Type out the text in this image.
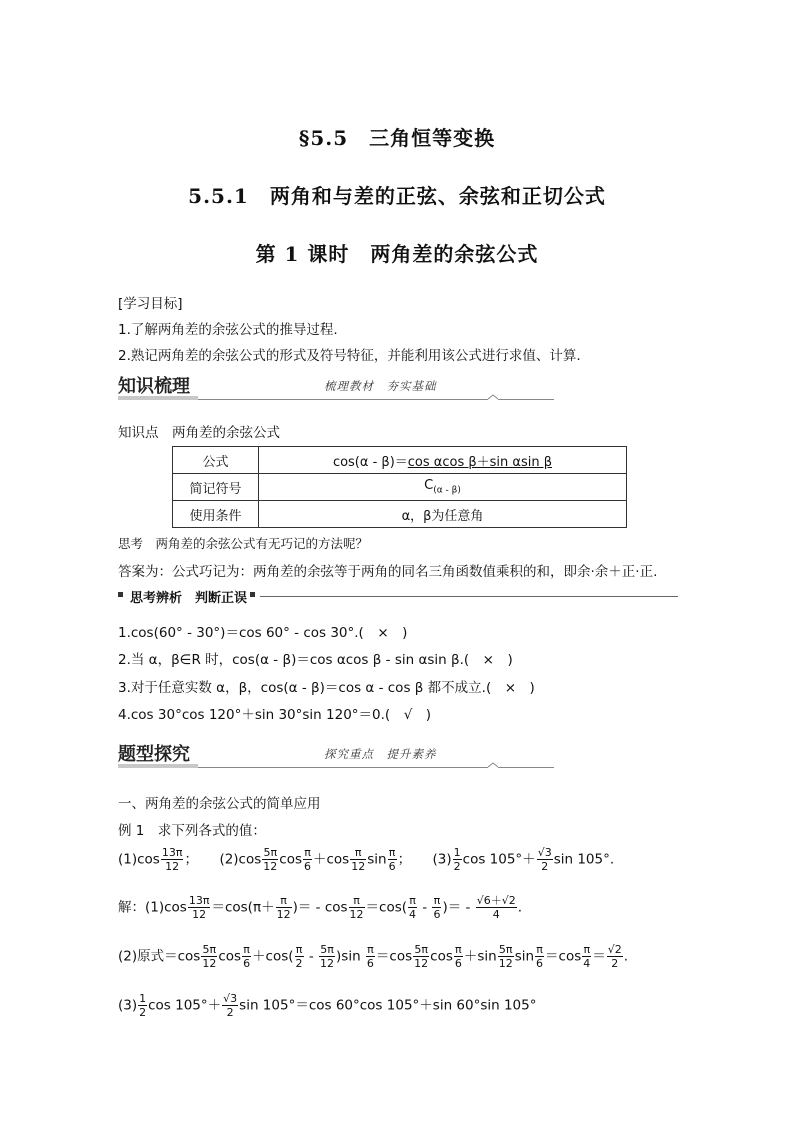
§5.5　三角恒等变换
5.5.1　两角和与差的正弦、余弦和正切公式
第 1 课时　两角差的余弦公式
[学习目标]
1.了解两角差的余弦公式的推导过程.
2.熟记两角差的余弦公式的形式及符号特征，并能利用该公式进行求值、计算.
知识梳理	梳理教材　夯实基础
知识点　两角差的余弦公式
公式	cos(α - β)＝cos αcos β＋sin αsin β
简记符号	$C_{(\alpha - \beta)}$
使用条件	α，β为任意角
思考　两角差的余弦公式有无巧记的方法呢？
答案为：公式巧记为：两角差的余弦等于两角的同名三角函数值乘积的和，即余·余＋正·正.
思考辨析　判断正误
1.cos(60° - 30°)＝cos 60° - cos 30°.(　×　)
2.当 α，β∈R 时，cos(α - β)＝cos αcos β - sin αsin β.(　×　)
3.对于任意实数 α，β，cos(α - β)＝cos α - cos β 都不成立.(　×　)
4.cos 30°cos 120°＋sin 30°sin 120°＝0.(　√　)
题型探究	探究重点　提升素养
一、两角差的余弦公式的简单应用
例 1　求下列各式的值：
$(1)\cos \frac{13\pi}{12}$ ； $(2)\cos \frac{5\pi}{12}$ $\cos \frac{\pi}{6} +\cos \frac{\pi}{12}$ $\sin \frac{\pi}{6}$ ； $(3) \frac{1}{2}$ $\cos 105^\circ+ \frac{√3}{2}$ sin 105°.
解：$(1)\cos \frac{13\pi}{12} =\cos(\pi+ \frac{\pi}{12}$ )＝ - $\cos \frac{\pi}{12} =\cos( \frac{\pi}{4} - \frac{\pi}{6}$ )＝ - $\frac{√6+√2}{4}$ .
(2)原式$=\cos \frac{5\pi}{12}$ $\cos \frac{\pi}{6} +\cos( \frac{\pi}{2} - \frac{5\pi}{12} )\sin \frac{\pi}{6} =\cos \frac{5\pi}{12}$ $\cos \frac{\pi}{6} +\sin \frac{5\pi}{12}$ $\sin \frac{\pi}{6} =\cos \frac{\pi}{4} = \frac{√2}{2}$ .
$(3) \frac{1}{2}$ $\cos 105^\circ+ \frac{√3}{2}$ sin 105°＝cos 60°cos 105°＋sin 60°sin 105°
